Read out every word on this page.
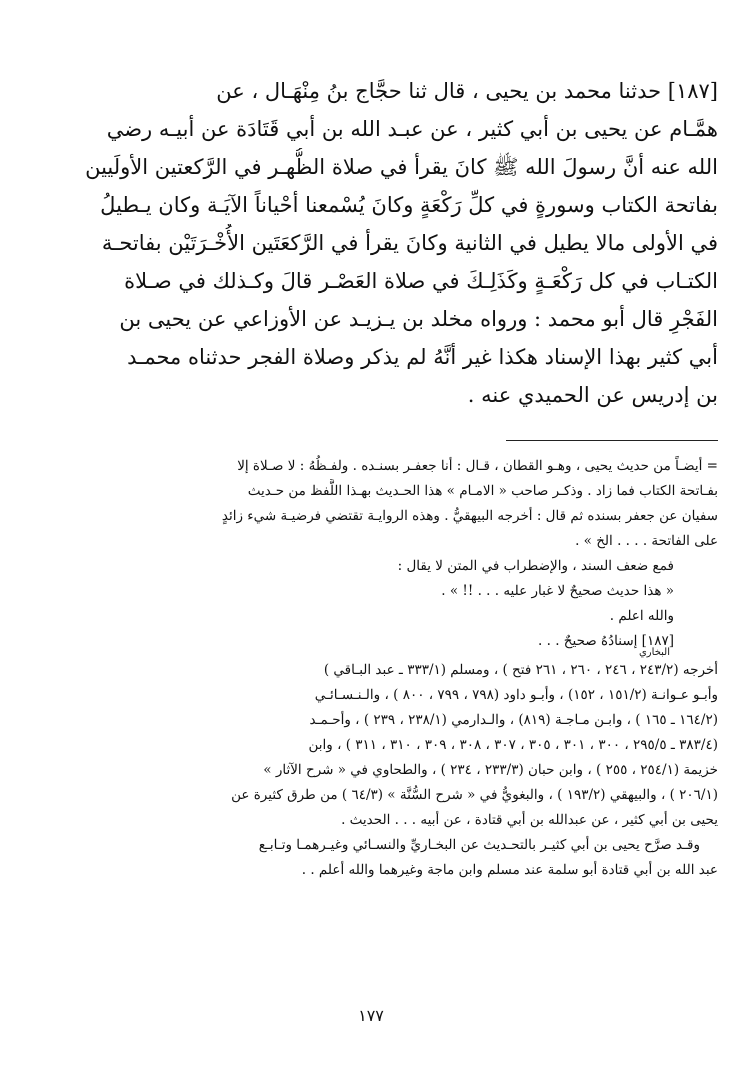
[١٨٧] حدثنا محمد بن يحيى ، قال ثنا حجَّاج بنُ مِنْهَـال ، عن
همَّـام عن يحيى بن أبي كثير ، عن عبـد الله بن أبي قَتَادَة عن أبيـه رضي
الله عنه أنَّ رسولَ الله ﷺ كانَ يقرأ في صلاة الظُّهـر في الرَّكعتين الأولَيين
بفاتحة الكتاب وسورةٍ في كلِّ رَكْعَةٍ وكانَ يُسْمعنا أحْياناً الآيَـة وكان يـطيلُ
في الأولى مالا يطيل في الثانية وكانَ يقرأ في الرَّكعَتَين الأُخْـرَتَيْن بفاتحـة
الكتـاب في كل رَكْعَـةٍ وكَذَلِـكَ في صلاة العَصْـر قالَ وكـذلك في صـلاة
الفَجْرِ قال أبو محمد : ورواه مخلد بن يـزيـد عن الأوزاعي عن يحيى بن
أبي كثير بهذا الإسناد هكذا غير أنَّهُ لم يذكر وصلاة الفجر حدثناه محمـد
بن إدريس عن الحميدي عنه .
= أيضـاً من حديث يحيى ، وهـو القطان ، قـال : أنا جعفـر بسنـده . ولفـظُهُ : لا صـلاة إلا
بفـاتحة الكتاب فما زاد . وذكـر صاحب « الامـام » هذا الحـديث بهـذا اللَّفظ من حـديث
سفيان عن جعفر بسنده ثم قال : أخرجه البيهقيُّ . وهذه الروايـة تقتضي فرضيـة شيء زائدٍ
على الفاتحة . . . . الخ » .
فمع ضعف السند ، والإضطراب في المتن لا يقال :
« هذا حديث صحيحٌ لا غبار عليه . . . !! » .
والله اعلم .
[١٨٧] إسنادُهُ صحيحٌ . . .
البخاري
أخرجه (٢٤٣/٢ ، ٢٤٦ ، ٢٦٠ ، ٢٦١ فتح ) ، ومسلم (٣٣٣/١ ـ عبد البـاقي )
وأبـو عـوانـة (١٥١/٢ ، ١٥٢) ، وأبـو داود (٧٩٨ ، ٧٩٩ ، ٨٠٠ ) ، والـنـسـائـي
(١٦٤/٢ ـ ١٦٥ ) ، وابـن مـاجـة (٨١٩) ، والـدارمي (٢٣٨/١ ، ٢٣٩ ) ، وأحـمـد
(٣٨٣/٤ ـ ٢٩٥/٥ ، ٣٠٠ ، ٣٠١ ، ٣٠٥ ، ٣٠٧ ، ٣٠٨ ، ٣٠٩ ، ٣١٠ ، ٣١١ ) ، وابن
خزيمة (٢٥٤/١ ، ٢٥٥ ) ، وابن حبان (٢٣٣/٣ ، ٢٣٤ ) ، والطحاوي في « شرح الآثار »
(٢٠٦/١ ) ، والبيهقي (١٩٣/٢ ) ، والبغويُّ في « شرح السُّنَّة » (٦٤/٣ ) من طرق كثيرة عن
يحيى بن أبي كثير ، عن عبدالله بن أبي قتادة ، عن أبيه . . . الحديث .
وقـد صرَّح يحيى بن أبي كثيـر بالتحـديث عن البخـاريِّ والنسـائي وغيـرهمـا وتـابـع
عبد الله بن أبي قتادة أبو سلمة عند مسلم وابن ماجة وغيرهما والله أعلم . .
١٧٧
